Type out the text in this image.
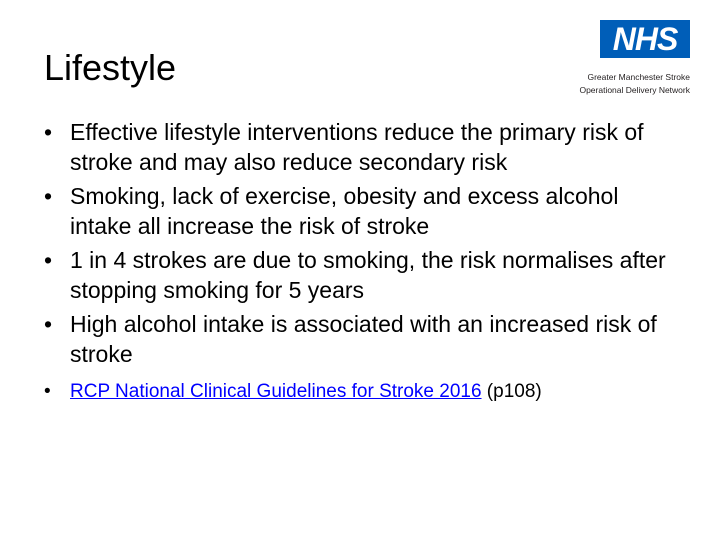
Lifestyle
NHS
Greater Manchester Stroke
Operational Delivery Network
• Effective lifestyle interventions reduce the primary risk of stroke and may also reduce secondary risk
• Smoking, lack of exercise, obesity and excess alcohol intake all increase the risk of stroke
• 1 in 4 strokes are due to smoking, the risk normalises after stopping smoking for 5 years
• High alcohol intake is associated with an increased risk of stroke
• RCP National Clinical Guidelines for Stroke 2016 (p108)
